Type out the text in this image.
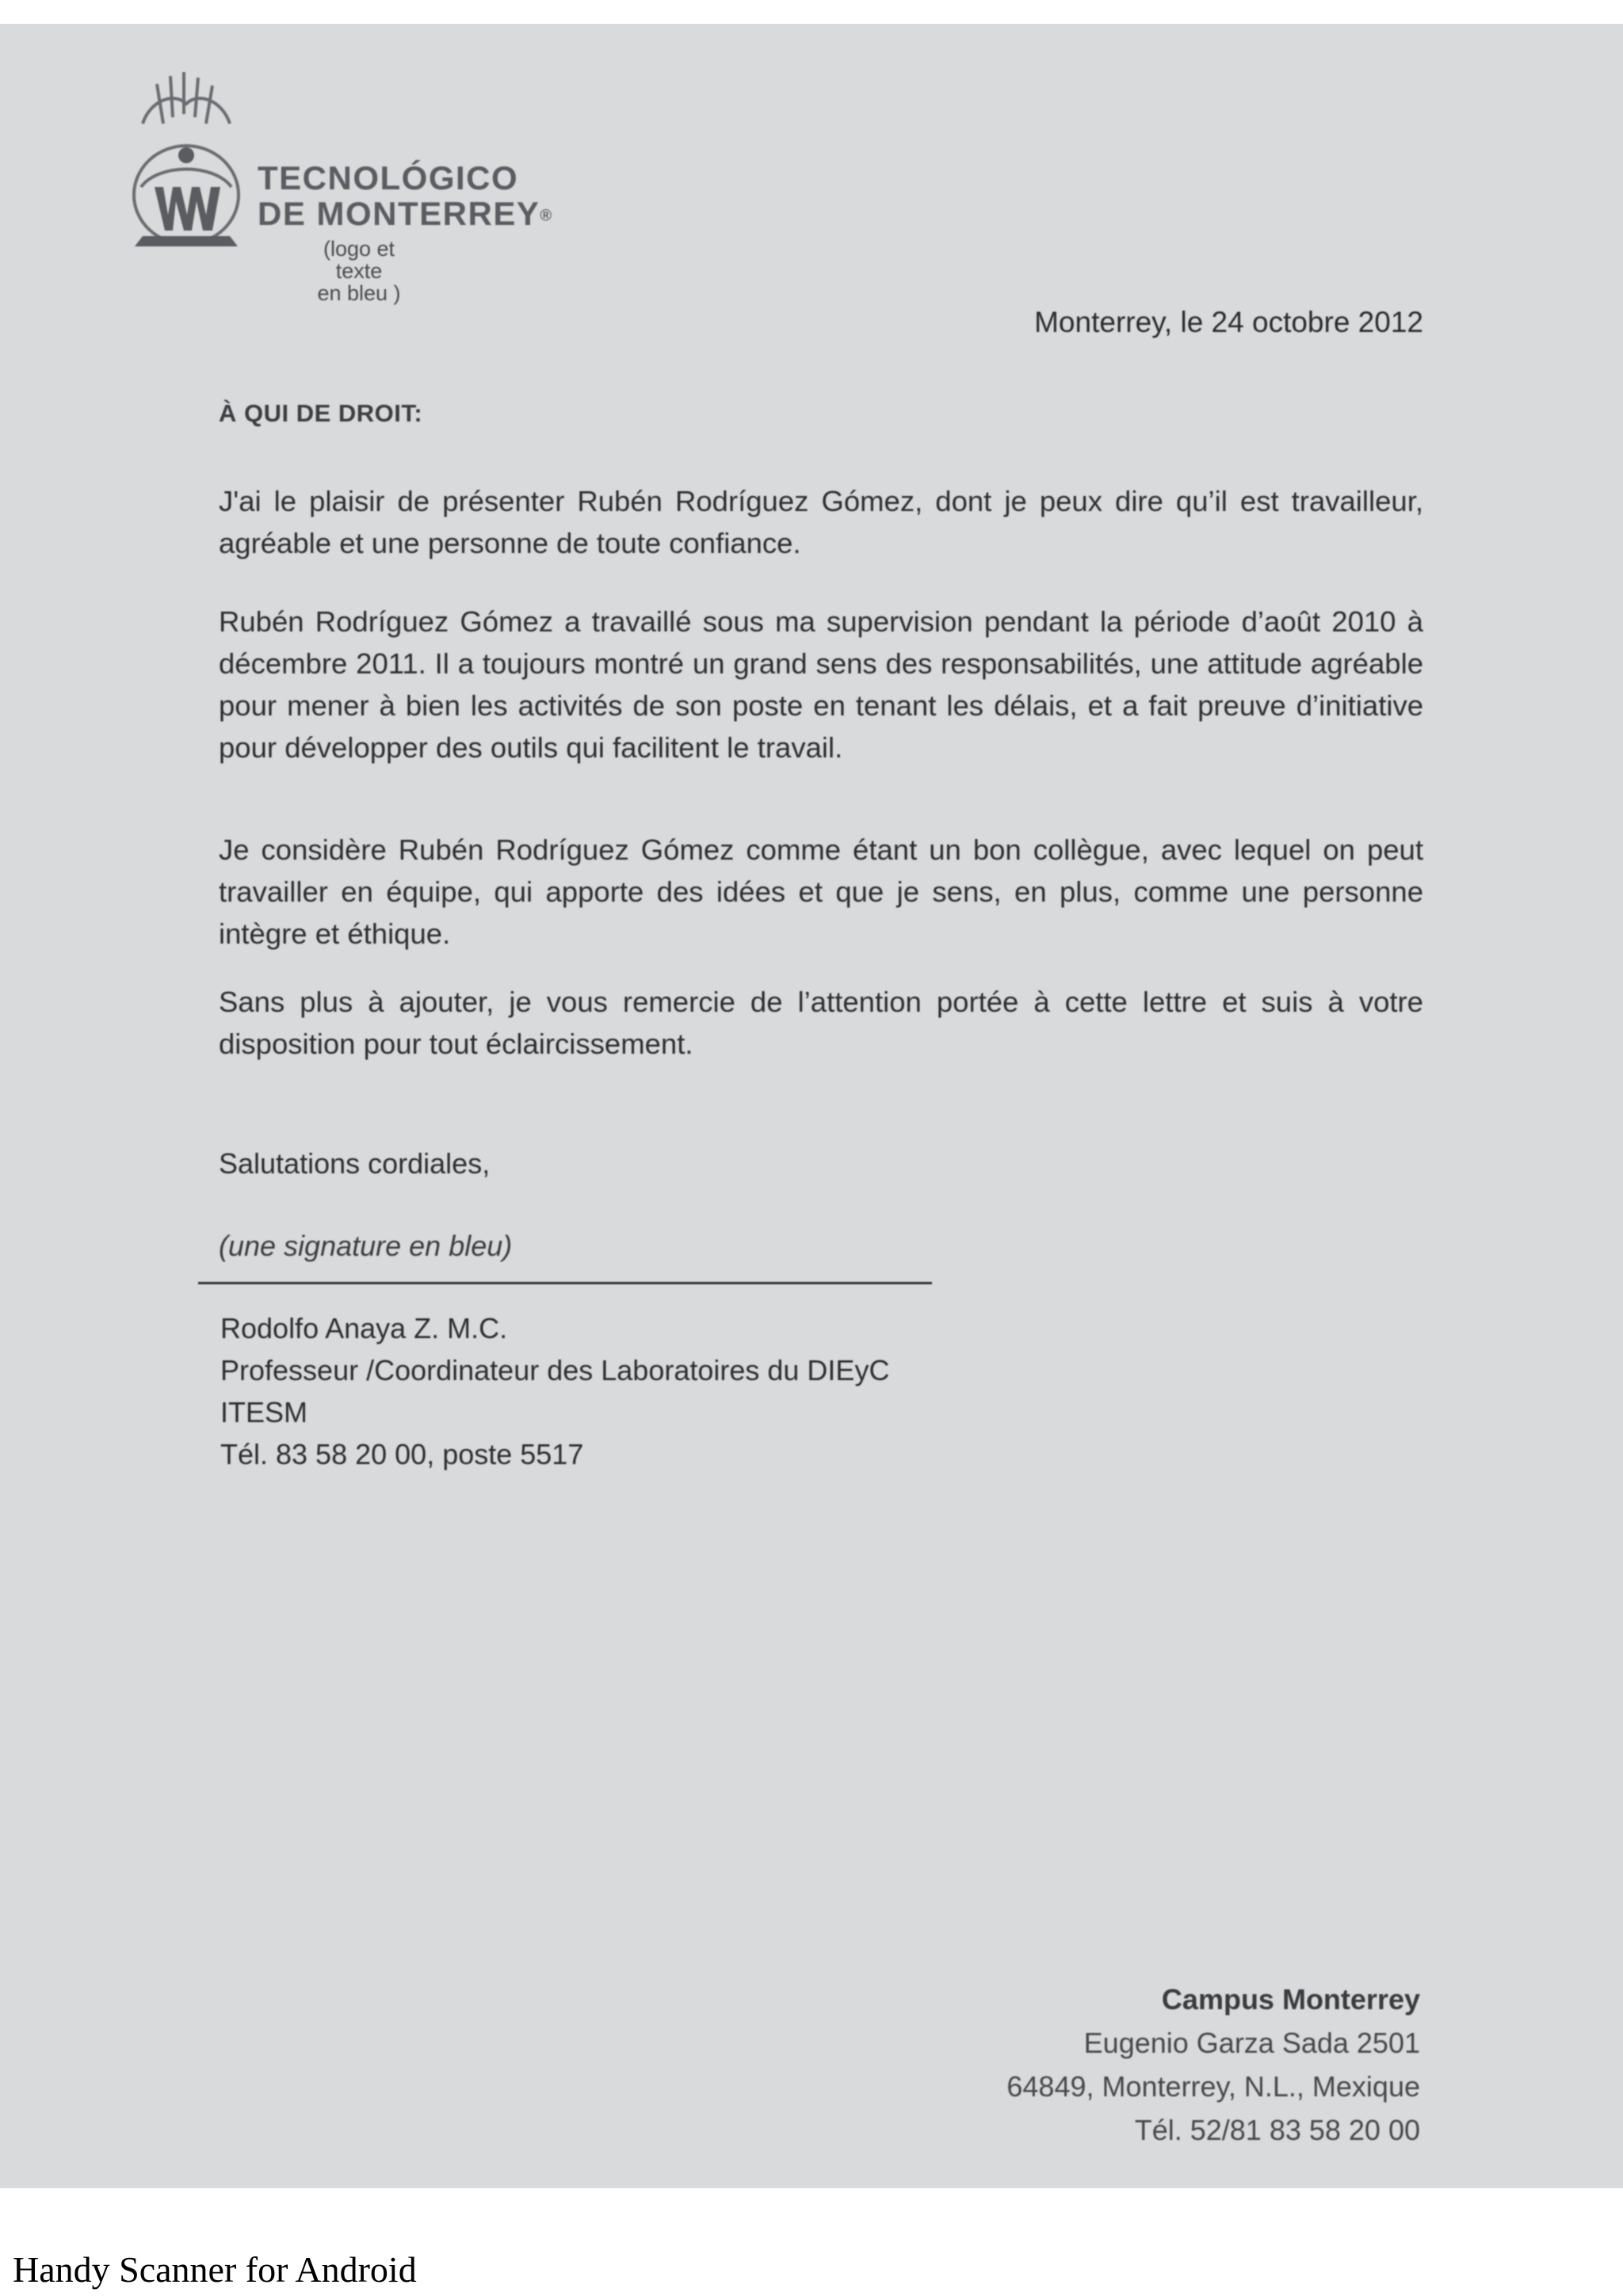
TECNOLÓGICO
DE MONTERREY®
(logo et texte
en bleu )
Monterrey, le 24 octobre 2012
À QUI DE DROIT:
J'ai le plaisir de présenter Rubén Rodríguez Gómez, dont je peux dire qu’il est travailleur, agréable et une personne de toute confiance.
Rubén Rodríguez Gómez a travaillé sous ma supervision pendant la période d’août 2010 à décembre 2011. Il a toujours montré un grand sens des responsabilités, une attitude agréable pour mener à bien les activités de son poste en tenant les délais, et a fait preuve d’initiative pour développer des outils qui facilitent le travail.
Je considère Rubén Rodríguez Gómez comme étant un bon collègue, avec lequel on peut travailler en équipe, qui apporte des idées et que je sens, en plus, comme une personne intègre et éthique.
Sans plus à ajouter, je vous remercie de l’attention portée à cette lettre et suis à votre disposition pour tout éclaircissement.
Salutations cordiales,
(une signature en bleu)
Rodolfo Anaya Z. M.C.
Professeur /Coordinateur des Laboratoires du DIEyC
ITESM
Tél. 83 58 20 00, poste 5517
Campus Monterrey
Eugenio Garza Sada 2501
64849, Monterrey, N.L., Mexique
Tél. 52/81 83 58 20 00
Handy Scanner for Android
